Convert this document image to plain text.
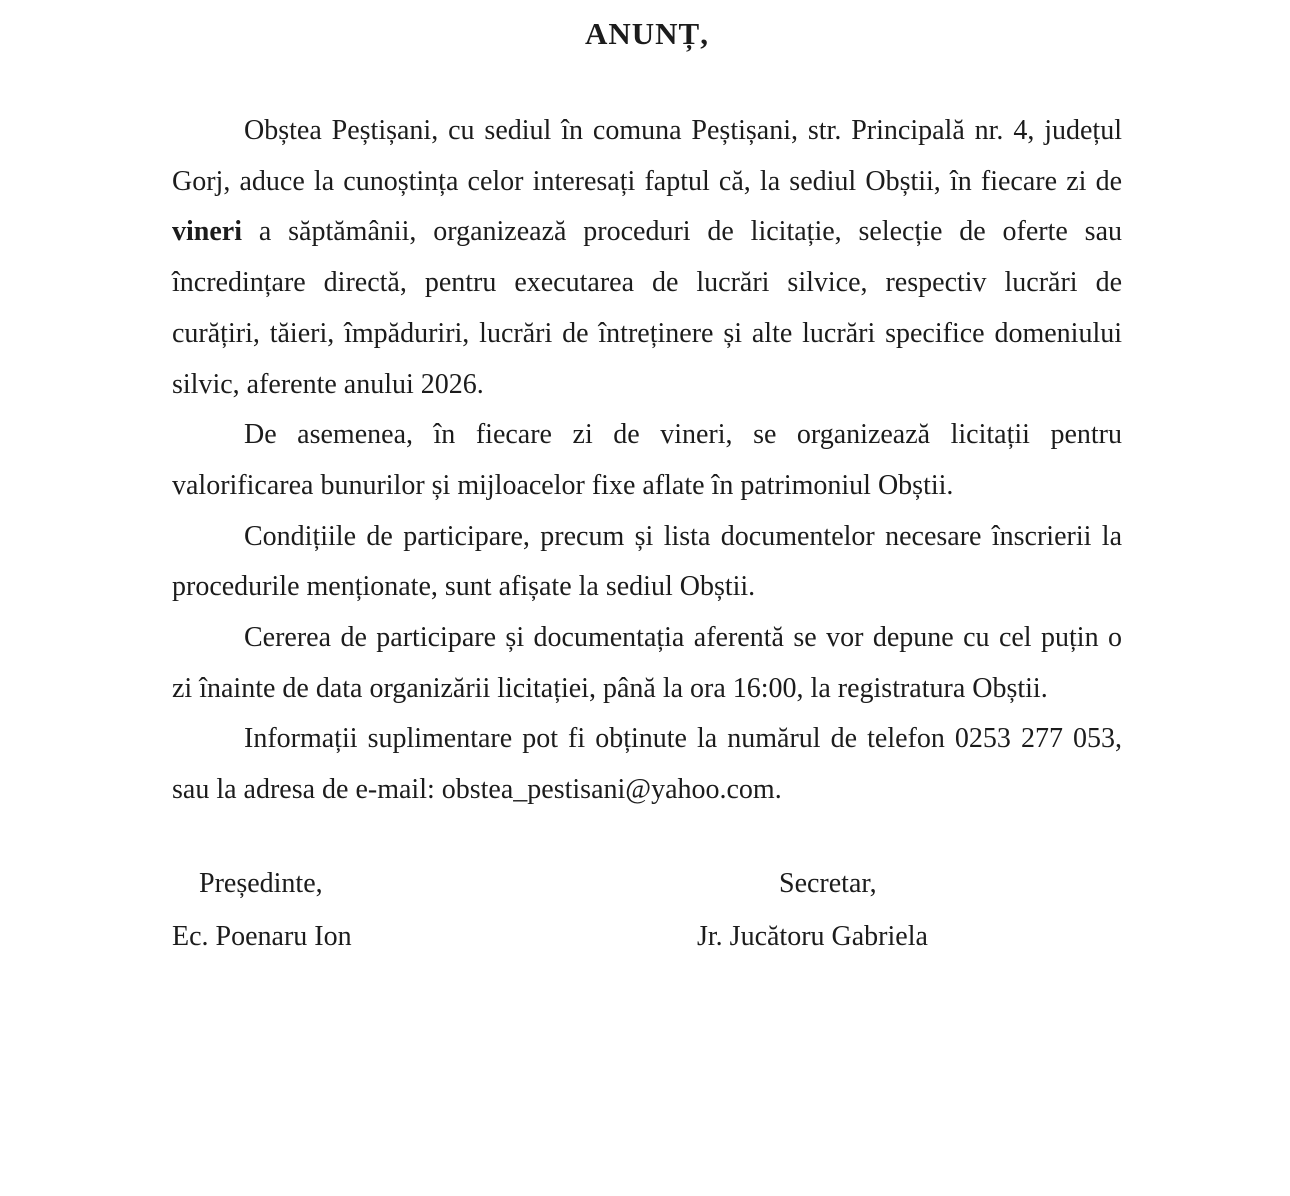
ANUNȚ,
Obștea Peștișani, cu sediul în comuna Peștișani, str. Principală nr. 4, județul
Gorj, aduce la cunoștința celor interesați faptul că, la sediul Obștii, în fiecare zi de
vineri a săptămânii, organizează proceduri de licitație, selecție de oferte sau
încredințare directă, pentru executarea de lucrări silvice, respectiv lucrări de
curățiri, tăieri, împăduriri, lucrări de întreținere și alte lucrări specifice domeniului
silvic, aferente anului 2026.
De asemenea, în fiecare zi de vineri, se organizează licitații pentru
valorificarea bunurilor și mijloacelor fixe aflate în patrimoniul Obștii.
Condițiile de participare, precum și lista documentelor necesare înscrierii la
procedurile menționate, sunt afișate la sediul Obștii.
Cererea de participare și documentația aferentă se vor depune cu cel puțin o
zi înainte de data organizării licitației, până la ora 16:00, la registratura Obștii.
Informații suplimentare pot fi obținute la numărul de telefon 0253 277 053,
sau la adresa de e-mail: obstea_pestisani@yahoo.com.
Președinte,	Secretar,
Ec. Poenaru Ion	Jr. Jucătoru Gabriela
